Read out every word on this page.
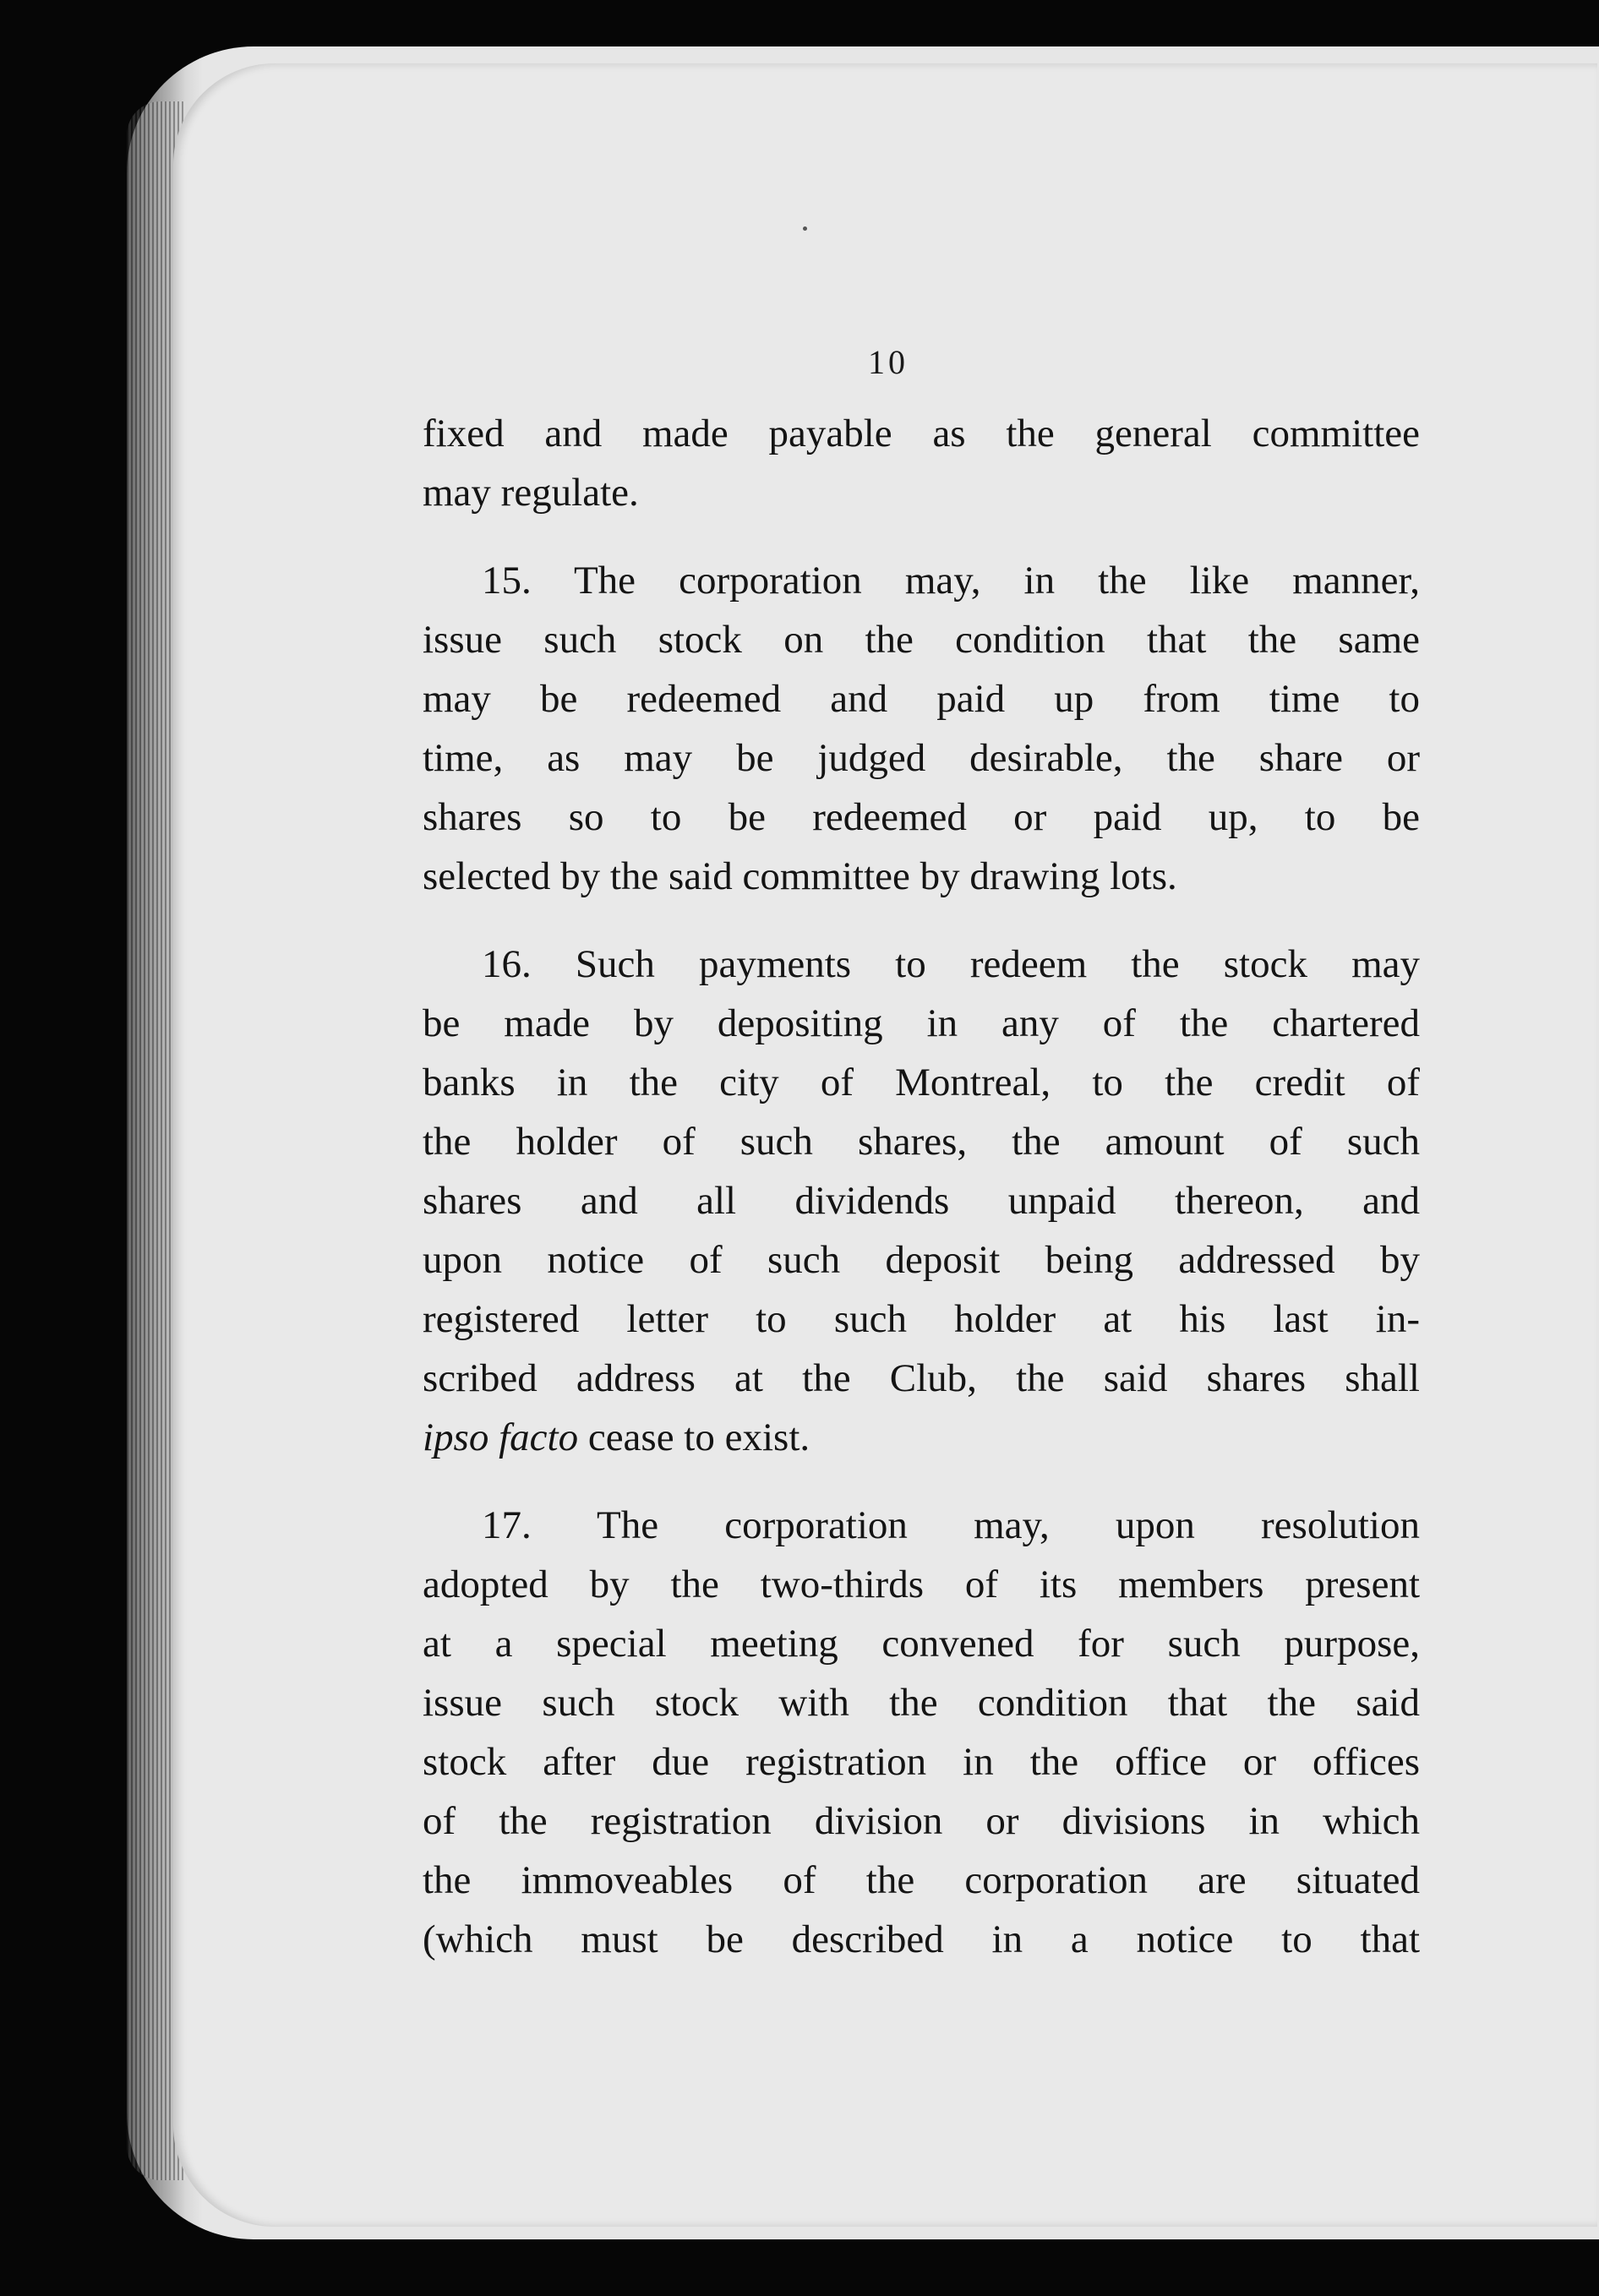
10

fixed and made payable as the general committee
may regulate.

15. The corporation may, in the like manner,
issue such stock on the condition that the same
may be redeemed and paid up from time to
time, as may be judged desirable, the share or
shares so to be redeemed or paid up, to be
selected by the said committee by drawing lots.

16. Such payments to redeem the stock may
be made by depositing in any of the chartered
banks in the city of Montreal, to the credit of
the holder of such shares, the amount of such
shares and all dividends unpaid thereon, and
upon notice of such deposit being addressed by
registered letter to such holder at his last in-
scribed address at the Club, the said shares shall
ipso facto cease to exist.

17. The corporation may, upon resolution
adopted by the two-thirds of its members present
at a special meeting convened for such purpose,
issue such stock with the condition that the said
stock after due registration in the office or offices
of the registration division or divisions in which
the immoveables of the corporation are situated
(which must be described in a notice to that
